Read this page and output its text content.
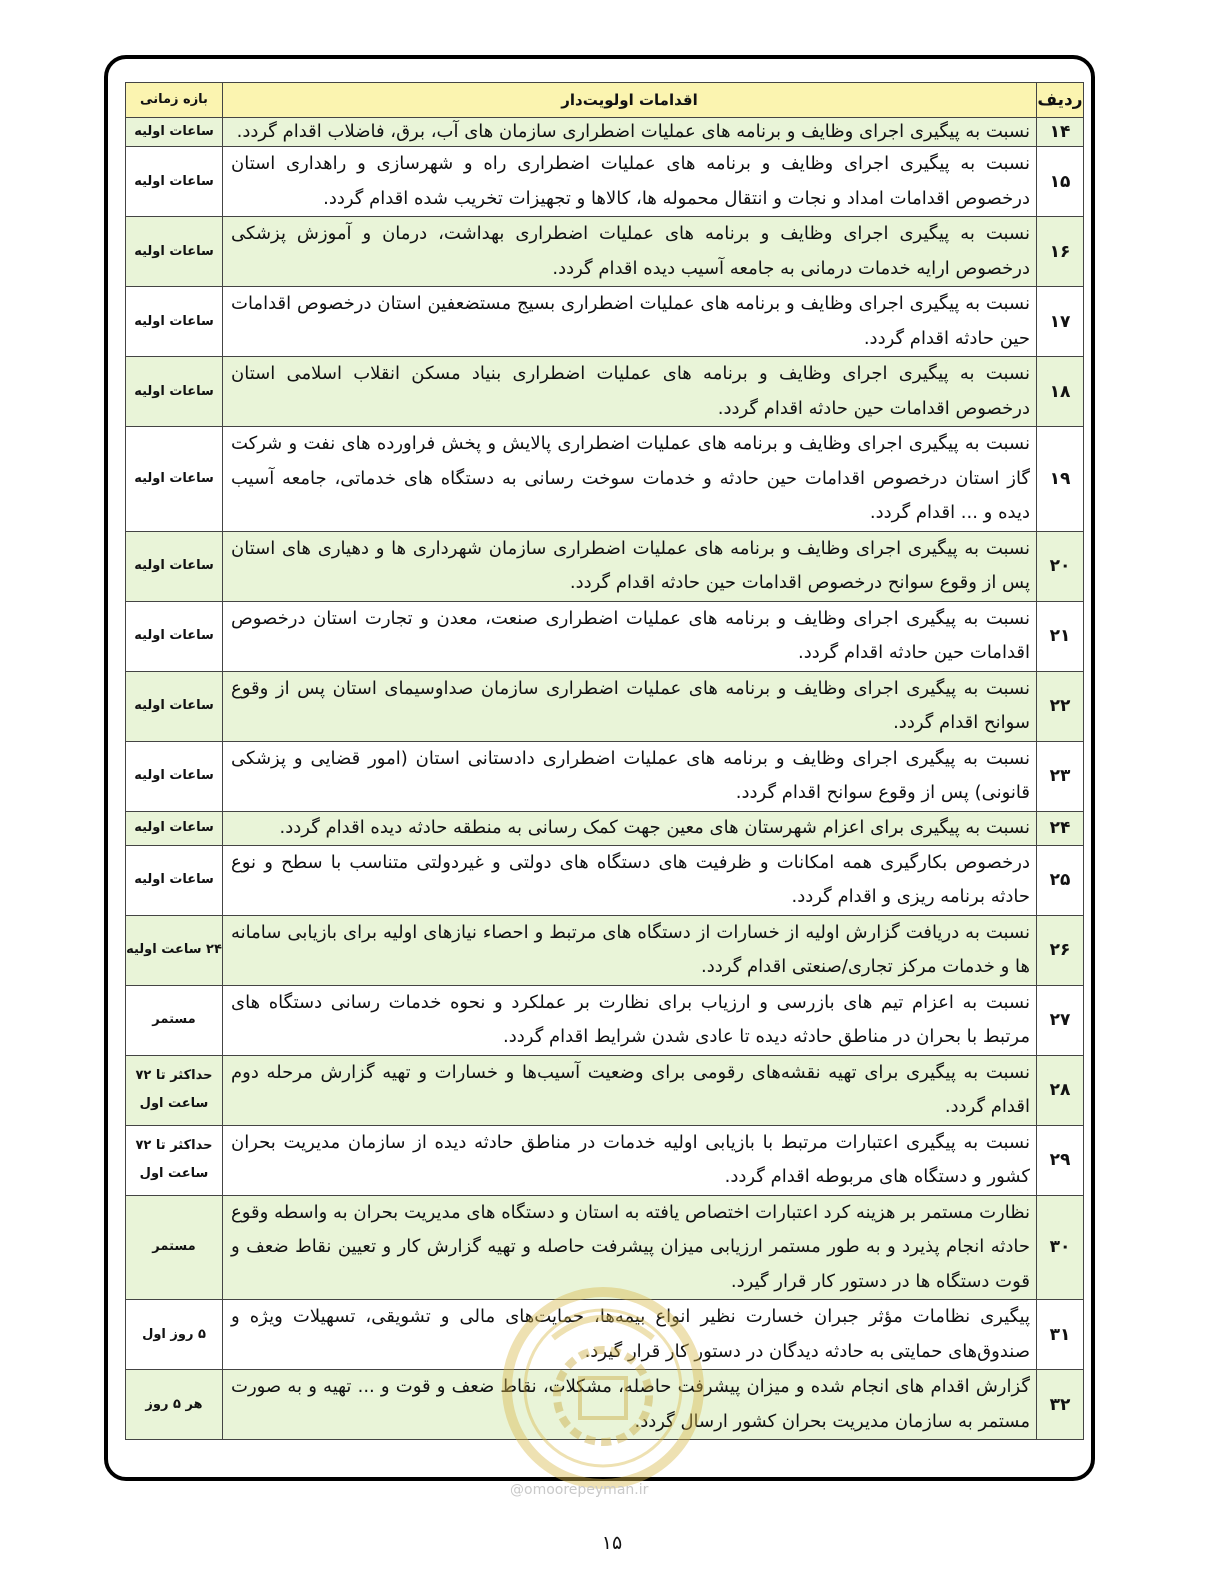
ردیف	اقدامات اولویت‌دار	بازه زمانی
۱۴	نسبت به پیگیری اجرای وظایف و برنامه های عملیات اضطراری سازمان های آب، برق، فاضلاب اقدام گردد.	ساعات اولیه
۱۵	نسبت به پیگیری اجرای وظایف و برنامه های عملیات اضطراری راه و شهرسازی و راهداری استان درخصوص اقدامات امداد و نجات و انتقال محموله ها، کالاها و تجهیزات تخریب شده اقدام گردد.	ساعات اولیه
۱۶	نسبت به پیگیری اجرای وظایف و برنامه های عملیات اضطراری بهداشت، درمان و آموزش پزشکی درخصوص ارایه خدمات درمانی به جامعه آسیب دیده اقدام گردد.	ساعات اولیه
۱۷	نسبت به پیگیری اجرای وظایف و برنامه های عملیات اضطراری بسیج مستضعفین استان درخصوص اقدامات حین حادثه اقدام گردد.	ساعات اولیه
۱۸	نسبت به پیگیری اجرای وظایف و برنامه های عملیات اضطراری بنیاد مسکن انقلاب اسلامی استان درخصوص اقدامات حین حادثه اقدام گردد.	ساعات اولیه
۱۹	نسبت به پیگیری اجرای وظایف و برنامه های عملیات اضطراری پالایش و پخش فراورده های نفت و شرکت گاز استان درخصوص اقدامات حین حادثه و خدمات سوخت رسانی به دستگاه های خدماتی، جامعه آسیب دیده و ... اقدام گردد.	ساعات اولیه
۲۰	نسبت به پیگیری اجرای وظایف و برنامه های عملیات اضطراری سازمان شهرداری ها و دهیاری های استان پس از وقوع سوانح درخصوص اقدامات حین حادثه اقدام گردد.	ساعات اولیه
۲۱	نسبت به پیگیری اجرای وظایف و برنامه های عملیات اضطراری صنعت، معدن و تجارت استان درخصوص اقدامات حین حادثه اقدام گردد.	ساعات اولیه
۲۲	نسبت به پیگیری اجرای وظایف و برنامه های عملیات اضطراری سازمان صداوسیمای استان پس از وقوع سوانح اقدام گردد.	ساعات اولیه
۲۳	نسبت به پیگیری اجرای وظایف و برنامه های عملیات اضطراری دادستانی استان (امور قضایی و پزشکی قانونی) پس از وقوع سوانح اقدام گردد.	ساعات اولیه
۲۴	نسبت به پیگیری برای اعزام شهرستان های معین جهت کمک رسانی به منطقه حادثه دیده اقدام گردد.	ساعات اولیه
۲۵	درخصوص بکارگیری همه امکانات و ظرفیت های دستگاه های دولتی و غیردولتی متناسب با سطح و نوع حادثه برنامه ریزی و اقدام گردد.	ساعات اولیه
۲۶	نسبت به دریافت گزارش اولیه از خسارات از دستگاه های مرتبط و احصاء نیازهای اولیه برای بازیابی سامانه ها و خدمات مرکز تجاری/صنعتی اقدام گردد.	۲۴ ساعت اولیه
۲۷	نسبت به اعزام تیم های بازرسی و ارزیاب برای نظارت بر عملکرد و نحوه خدمات رسانی دستگاه های مرتبط با بحران در مناطق حادثه دیده تا عادی شدن شرایط اقدام گردد.	مستمر
۲۸	نسبت به پیگیری برای تهیه نقشه‌های رقومی برای وضعیت آسیب‌ها و خسارات و تهیه گزارش مرحله دوم اقدام گردد.	حداکثر تا ۷۲ ساعت اول
۲۹	نسبت به پیگیری اعتبارات مرتبط با بازیابی اولیه خدمات در مناطق حادثه دیده از سازمان مدیریت بحران کشور و دستگاه های مربوطه اقدام گردد.	حداکثر تا ۷۲ ساعت اول
۳۰	نظارت مستمر بر هزینه کرد اعتبارات اختصاص یافته به استان و دستگاه های مدیریت بحران به واسطه وقوع حادثه انجام پذیرد و به طور مستمر ارزیابی میزان پیشرفت حاصله و تهیه گزارش کار و تعیین نقاط ضعف و قوت دستگاه ها در دستور کار قرار گیرد.	مستمر
۳۱	پیگیری نظامات مؤثر جبران خسارت نظیر انواع بیمه‌ها، حمایت‌های مالی و تشویقی، تسهیلات ویژه و صندوق‌های حمایتی به حادثه دیدگان در دستور کار قرار گیرد.	۵ روز اول
۳۲	گزارش اقدام های انجام شده و میزان پیشرفت حاصله، مشکلات، نقاط ضعف و قوت و ... تهیه و به صورت مستمر به سازمان مدیریت بحران کشور ارسال گردد.	هر ۵ روز
@omoorepeyman.ir
۱۵
